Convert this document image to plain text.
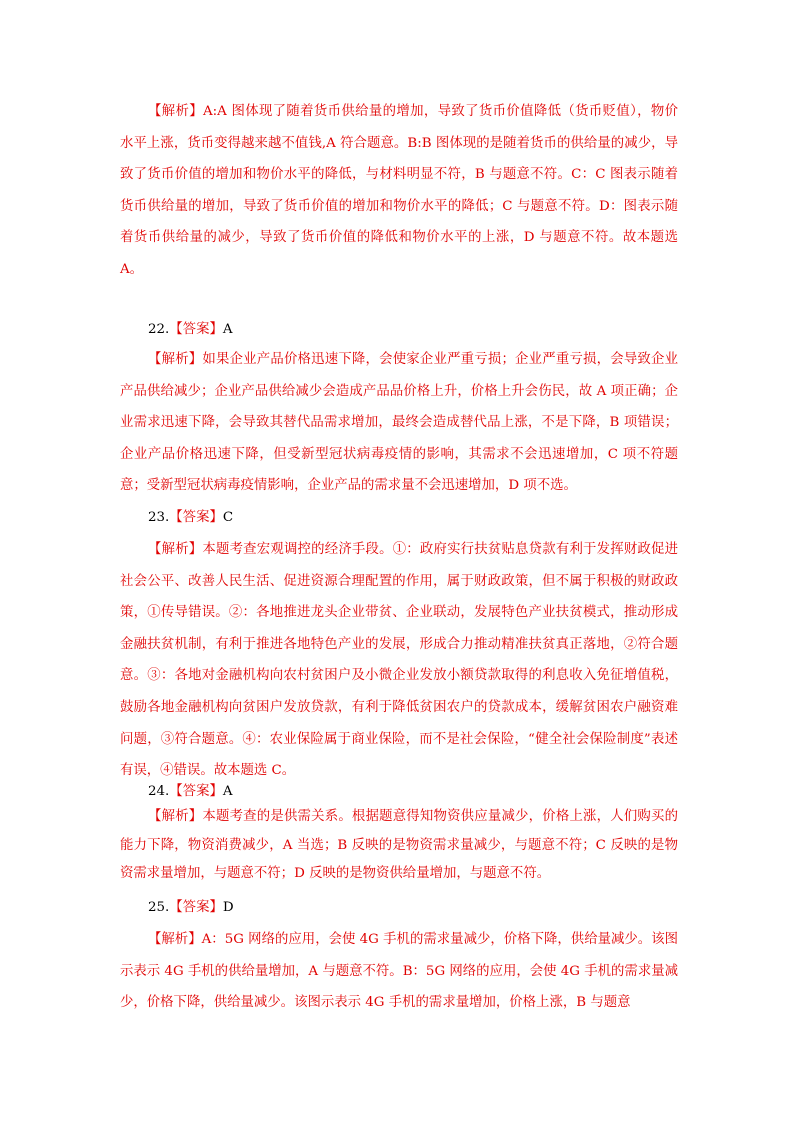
【解析】A:A 图体现了随着货币供给量的增加，导致了货币价值降低（货币贬值），物价水平上涨，货币变得越来越不值钱,A 符合题意。B:B 图体现的是随着货币的供给量的减少，导致了货币价值的增加和物价水平的降低，与材料明显不符，B 与题意不符。C：C 图表示随着货币供给量的增加，导致了货币价值的增加和物价水平的降低；C 与题意不符。D：图表示随着货币供给量的减少，导致了货币价值的降低和物价水平的上涨，D 与题意不符。故本题选 A。

22.【答案】A

【解析】如果企业产品价格迅速下降，会使家企业严重亏损；企业严重亏损，会导致企业产品供给减少；企业产品供给减少会造成产品品价格上升，价格上升会伤民，故 A 项正确；企业需求迅速下降，会导致其替代品需求增加，最终会造成替代品上涨，不是下降，B 项错误；企业产品价格迅速下降，但受新型冠状病毒疫情的影响，其需求不会迅速增加，C 项不符题意；受新型冠状病毒疫情影响，企业产品的需求量不会迅速增加，D 项不选。

23.【答案】C

【解析】本题考查宏观调控的经济手段。①：政府实行扶贫贴息贷款有利于发挥财政促进社会公平、改善人民生活、促进资源合理配置的作用，属于财政政策，但不属于积极的财政政策，①传导错误。②：各地推进龙头企业带贫、企业联动，发展特色产业扶贫模式，推动形成金融扶贫机制，有利于推进各地特色产业的发展，形成合力推动精准扶贫真正落地，②符合题意。③：各地对金融机构向农村贫困户及小微企业发放小额贷款取得的利息收入免征增值税，鼓励各地金融机构向贫困户发放贷款，有利于降低贫困农户的贷款成本，缓解贫困农户融资难问题，③符合题意。④：农业保险属于商业保险，而不是社会保险，“健全社会保险制度”表述有误，④错误。故本题选 C。

24.【答案】A

【解析】本题考查的是供需关系。根据题意得知物资供应量减少，价格上涨，人们购买的能力下降，物资消费减少，A 当选；B 反映的是物资需求量减少，与题意不符；C 反映的是物资需求量增加，与题意不符；D 反映的是物资供给量增加，与题意不符。

25.【答案】D

【解析】A：5G 网络的应用，会使 4G 手机的需求量减少，价格下降，供给量减少。该图示表示 4G 手机的供给量增加，A 与题意不符。B：5G 网络的应用，会使 4G 手机的需求量减少，价格下降，供给量减少。该图示表示 4G 手机的需求量增加，价格上涨，B 与题意
